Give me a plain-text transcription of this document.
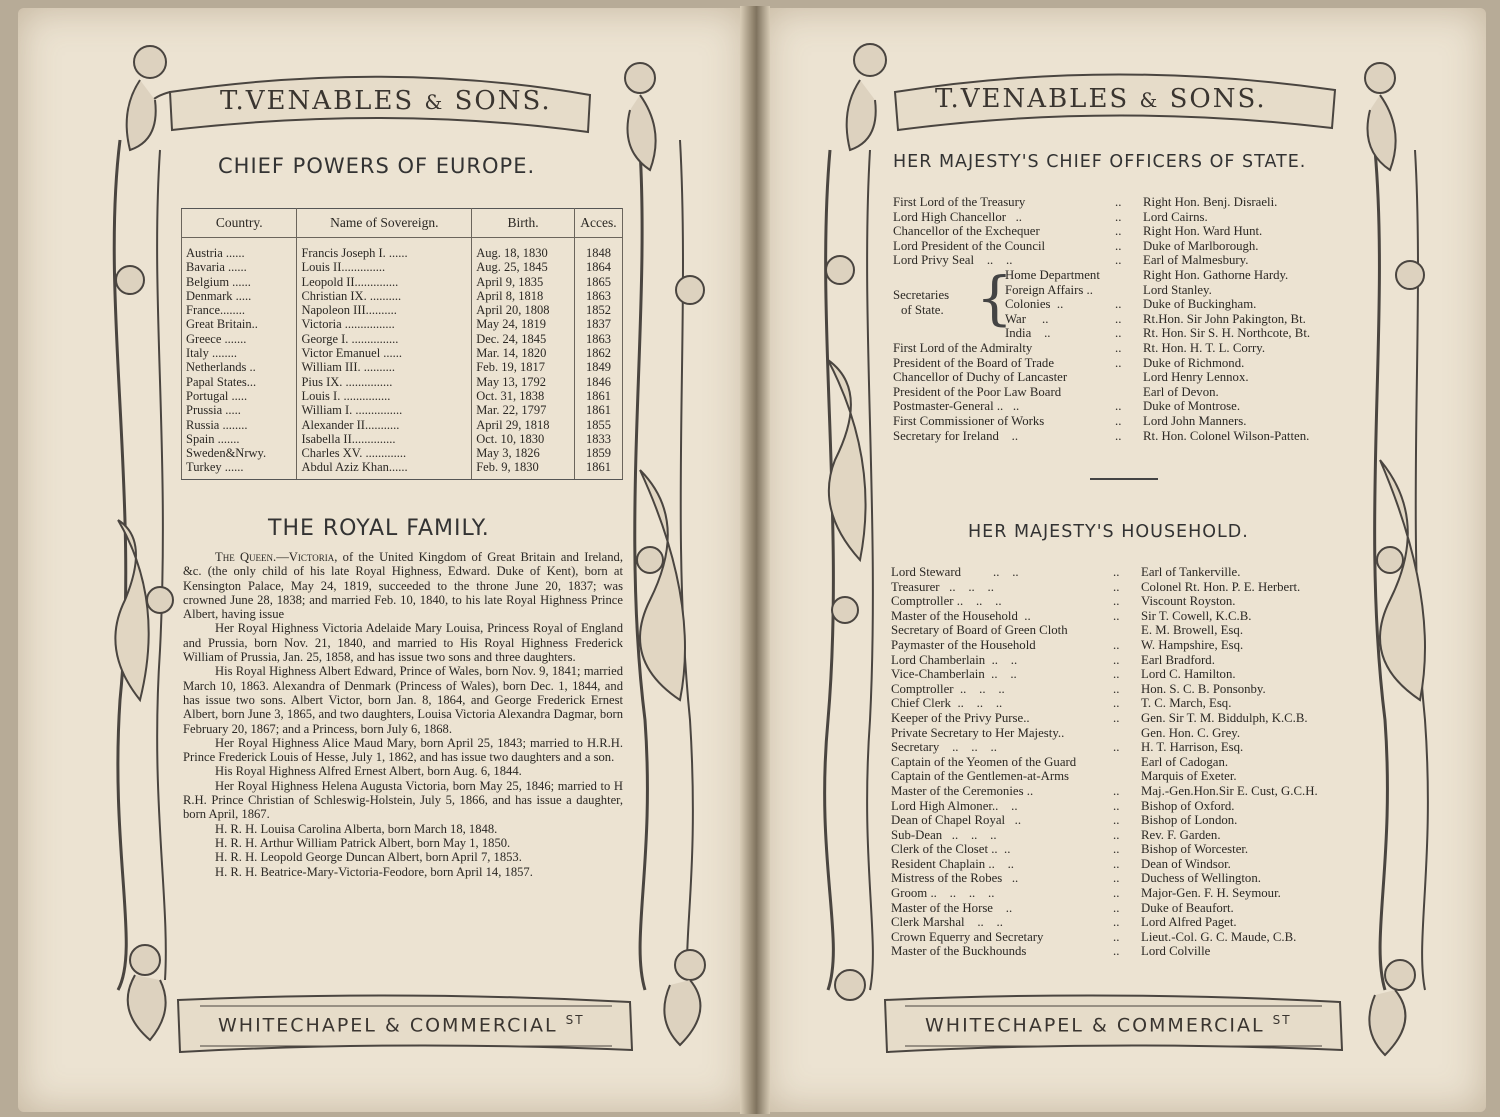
T.VENABLES & SONS.
CHIEF POWERS OF EUROPE.
Country.	Name of Sovereign.	Birth.	Acces.

Austria ......	Francis Joseph I. ......	Aug. 18, 1830	1848
Bavaria ......	Louis II..............	Aug. 25, 1845	1864
Belgium ......	Leopold II..............	April 9, 1835	1865
Denmark .....	Christian IX. ..........	April 8, 1818	1863
France........	Napoleon III..........	April 20, 1808	1852
Great Britain..	Victoria ................	May 24, 1819	1837
Greece .......	George I. ...............	Dec. 24, 1845	1863
Italy ........	Victor Emanuel ......	Mar. 14, 1820	1862
Netherlands ..	William III. ..........	Feb. 19, 1817	1849
Papal States...	Pius IX. ...............	May 13, 1792	1846
Portugal .....	Louis I. ...............	Oct. 31, 1838	1861
Prussia .....	William I. ...............	Mar. 22, 1797	1861
Russia ........	Alexander II...........	April 29, 1818	1855
Spain .......	Isabella II..............	Oct. 10, 1830	1833
Sweden&Nrwy.	Charles XV. .............	May 3, 1826	1859
Turkey ......	Abdul Aziz Khan......	Feb. 9, 1830	1861
THE ROYAL FAMILY.

The Queen.—Victoria, of the United Kingdom of Great Britain and Ireland, &c. (the only child of his late Royal Highness, Edward. Duke of Kent), born at Kensington Palace, May 24, 1819, succeeded to the throne June 20, 1837; was crowned June 28, 1838; and married Feb. 10, 1840, to his late Royal Highness Prince Albert, having issue

Her Royal Highness Victoria Adelaide Mary Louisa, Princess Royal of England and Prussia, born Nov. 21, 1840, and married to His Royal Highness Frederick William of Prussia, Jan. 25, 1858, and has issue two sons and three daughters.

His Royal Highness Albert Edward, Prince of Wales, born Nov. 9, 1841; married March 10, 1863. Alexandra of Denmark (Princess of Wales), born Dec. 1, 1844, and has issue two sons. Albert Victor, born Jan. 8, 1864, and George Frederick Ernest Albert, born June 3, 1865, and two daughters, Louisa Victoria Alexandra Dagmar, born February 20, 1867; and a Princess, born July 6, 1868.

Her Royal Highness Alice Maud Mary, born April 25, 1843; married to H.R.H. Prince Frederick Louis of Hesse, July 1, 1862, and has issue two daughters and a son.

His Royal Highness Alfred Ernest Albert, born Aug. 6, 1844.

Her Royal Highness Helena Augusta Victoria, born May 25, 1846; married to H R.H. Prince Christian of Schleswig-Holstein, July 5, 1866, and has issue a daughter, born April, 1867.

H. R. H. Louisa Carolina Alberta, born March 18, 1848.

H. R. H. Arthur William Patrick Albert, born May 1, 1850.

H. R. H. Leopold George Duncan Albert, born April 7, 1853.

H. R. H. Beatrice-Mary-Victoria-Feodore, born April 14, 1857.

WHITECHAPEL & COMMERCIAL $^{ST}$
T.VENABLES & SONS.
HER MAJESTY'S CHIEF OFFICERS OF STATE.
First Lord of the Treasury	.. Right Hon. Benj. Disraeli.
Lord High Chancellor   ..	.. Lord Cairns.
Chancellor of the Exchequer	.. Right Hon. Ward Hunt.
Lord President of the Council	.. Duke of Marlborough.
Lord Privy Seal    ..    ..	.. Earl of Malmesbury.
Home Department	Right Hon. Gathorne Hardy.
Foreign Affairs ..	Lord Stanley.
Colonies  ..	.. Duke of Buckingham.
War     ..	.. Rt.Hon. Sir John Pakington, Bt.
India    ..	.. Rt. Hon. Sir S. H. Northcote, Bt.
First Lord of the Admiralty	.. Rt. Hon. H. T. L. Corry.
President of the Board of Trade	.. Duke of Richmond.
Chancellor of Duchy of Lancaster	Lord Henry Lennox.
President of the Poor Law Board	Earl of Devon.
Postmaster-General ..   ..	.. Duke of Montrose.
First Commissioner of Works	.. Lord John Manners.
Secretary for Ireland    ..	.. Rt. Hon. Colonel Wilson-Patten.
Secretaries
of State. {
HER MAJESTY'S HOUSEHOLD.
Lord Steward          ..    ..	.. Earl of Tankerville.
Treasurer   ..    ..    ..	.. Colonel Rt. Hon. P. E. Herbert.
Comptroller ..    ..    ..	.. Viscount Royston.
Master of the Household  ..	.. Sir T. Cowell, K.C.B.
Secretary of Board of Green Cloth	E. M. Browell, Esq.
Paymaster of the Household	.. W. Hampshire, Esq.
Lord Chamberlain  ..    ..	.. Earl Bradford.
Vice-Chamberlain  ..    ..	.. Lord C. Hamilton.
Comptroller  ..    ..    ..	.. Hon. S. C. B. Ponsonby.
Chief Clerk  ..    ..    ..	.. T. C. March, Esq.
Keeper of the Privy Purse..	.. Gen. Sir T. M. Biddulph, K.C.B.
Private Secretary to Her Majesty..	Gen. Hon. C. Grey.
Secretary    ..    ..    ..	.. H. T. Harrison, Esq.
Captain of the Yeomen of the Guard	Earl of Cadogan.
Captain of the Gentlemen-at-Arms	Marquis of Exeter.
Master of the Ceremonies ..	.. Maj.-Gen.Hon.Sir E. Cust, G.C.H.
Lord High Almoner..    ..	.. Bishop of Oxford.
Dean of Chapel Royal   ..	.. Bishop of London.
Sub-Dean   ..    ..    ..	.. Rev. F. Garden.
Clerk of the Closet ..  ..	.. Bishop of Worcester.
Resident Chaplain ..    ..	.. Dean of Windsor.
Mistress of the Robes   ..	.. Duchess of Wellington.
Groom ..    ..    ..    ..	.. Major-Gen. F. H. Seymour.
Master of the Horse    ..	.. Duke of Beaufort.
Clerk Marshal    ..    ..	.. Lord Alfred Paget.
Crown Equerry and Secretary	.. Lieut.-Col. G. C. Maude, C.B.
Master of the Buckhounds	.. Lord Colville
WHITECHAPEL & COMMERCIAL $^{ST}$
